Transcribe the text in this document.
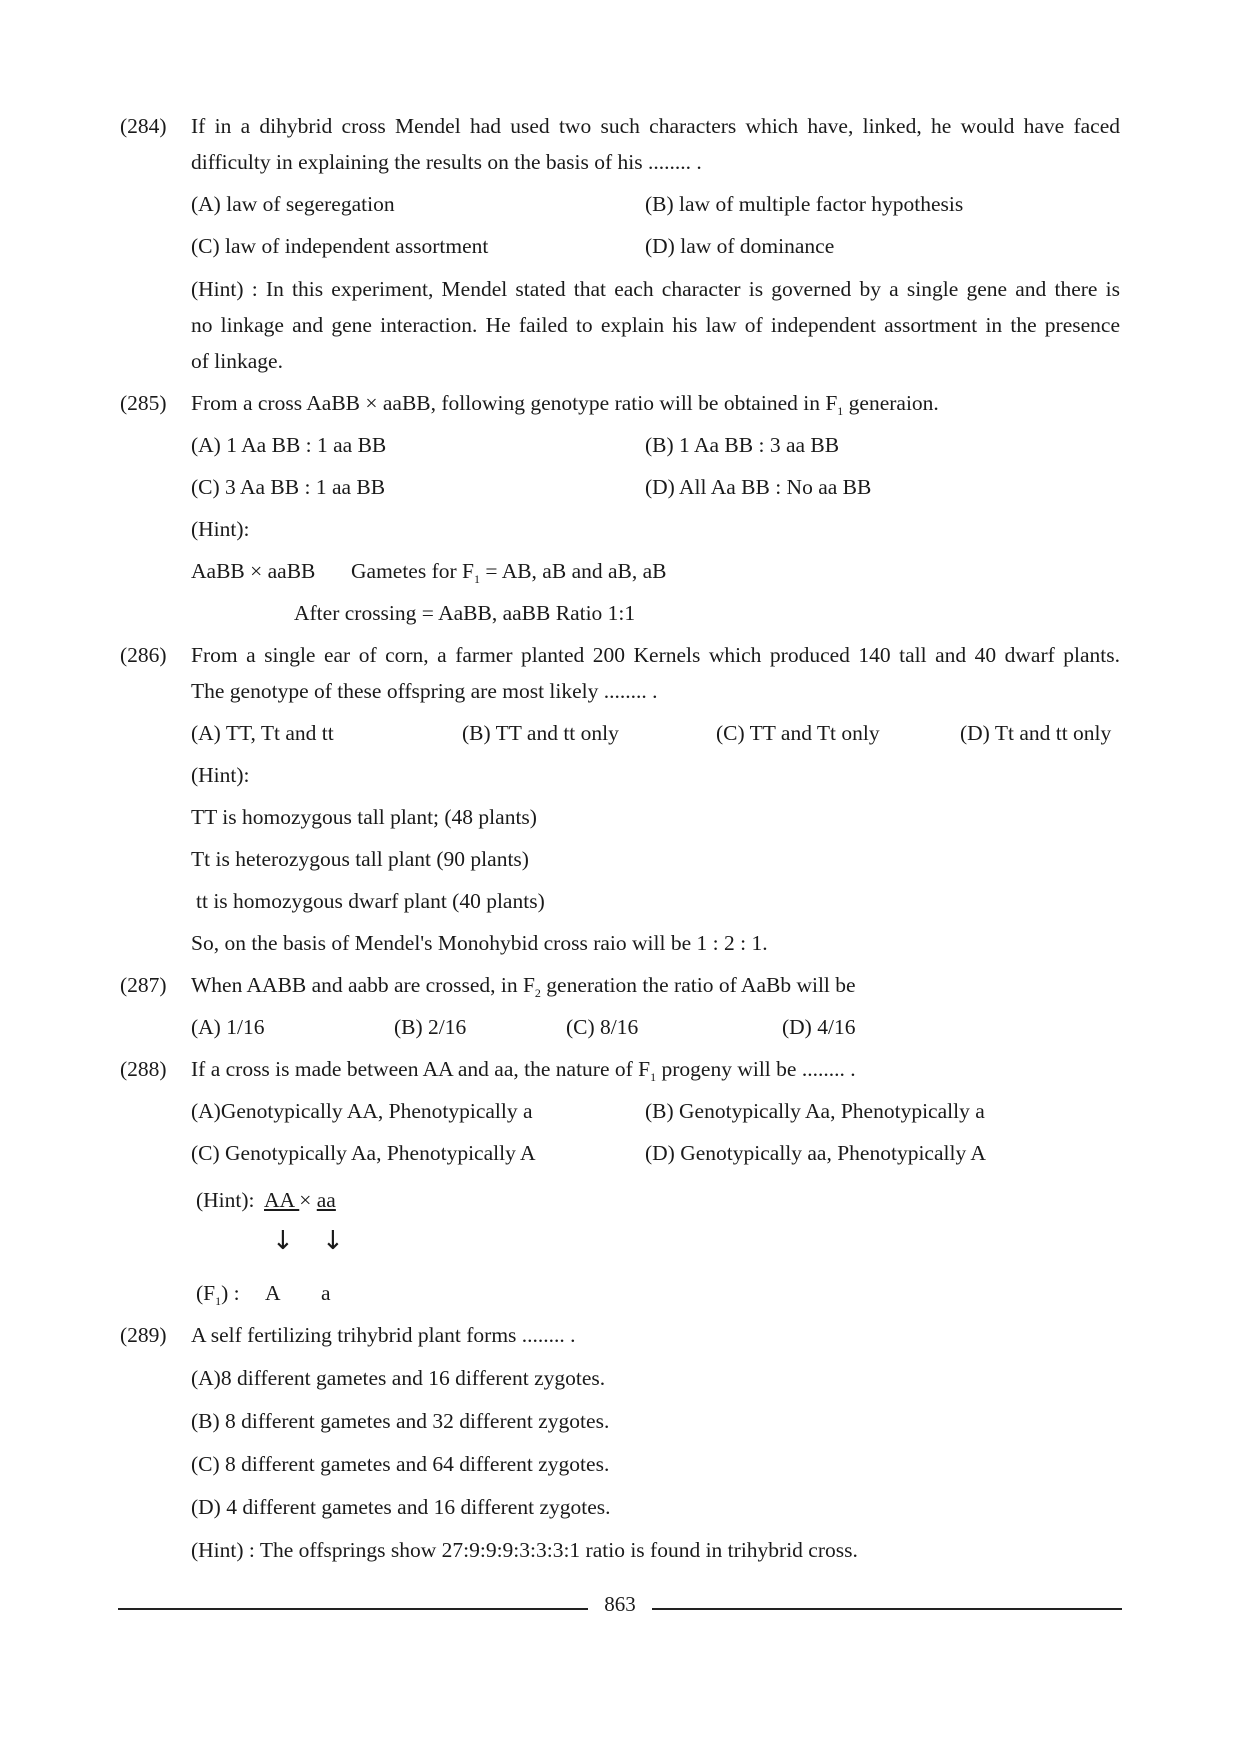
(284) If in a dihybrid cross Mendel had used two such characters which have, linked, he would have faced
difficulty in explaining the results on the basis of his ........ .
(A) law of segeregation	(B) law of multiple factor hypothesis
(C) law of independent assortment	(D) law of dominance
(Hint) : In this experiment, Mendel stated that each character is governed by a single gene and there is
no linkage and gene interaction. He failed to explain his law of independent assortment in the presence
of linkage.
(285) From a cross AaBB × aaBB, following genotype ratio will be obtained in $F_1$ generaion.
(A) 1 Aa BB : 1 aa BB	(B) 1 Aa BB : 3 aa BB
(C) 3 Aa BB : 1 aa BB	(D) All Aa BB : No aa BB
(Hint):
AaBB × aaBB Gametes for $F_1$ = AB, aB and aB, aB
After crossing = AaBB, aaBB Ratio 1:1
(286) From a single ear of corn, a farmer planted 200 Kernels which produced 140 tall and 40 dwarf plants.
The genotype of these offspring are most likely ........ .
(A) TT, Tt and tt	(B) TT and tt only	(C) TT and Tt only	(D) Tt and tt only
(Hint):
TT is homozygous tall plant; (48 plants)
Tt is heterozygous tall plant (90 plants)
tt is homozygous dwarf plant (40 plants)
So, on the basis of Mendel's Monohybid cross raio will be 1 : 2 : 1.
(287) When AABB and aabb are crossed, in $F_2$ generation the ratio of AaBb will be
(A) 1/16	(B) 2/16	(C) 8/16	(D) 4/16
(288) If a cross is made between AA and aa, the nature of $F_1$ progeny will be ........ .
(A)Genotypically AA, Phenotypically a	(B) Genotypically Aa, Phenotypically a
(C) Genotypically Aa, Phenotypically A	(D) Genotypically aa, Phenotypically A
(Hint): AA × aa
↓ ↓
$(F_1)$ : A a
(289) A self fertilizing trihybrid plant forms ........ .
(A)8 different gametes and 16 different zygotes.
(B) 8 different gametes and 32 different zygotes.
(C) 8 different gametes and 64 different zygotes.
(D) 4 different gametes and 16 different zygotes.
(Hint) : The offsprings show 27:9:9:9:3:3:3:1 ratio is found in trihybrid cross.
863
